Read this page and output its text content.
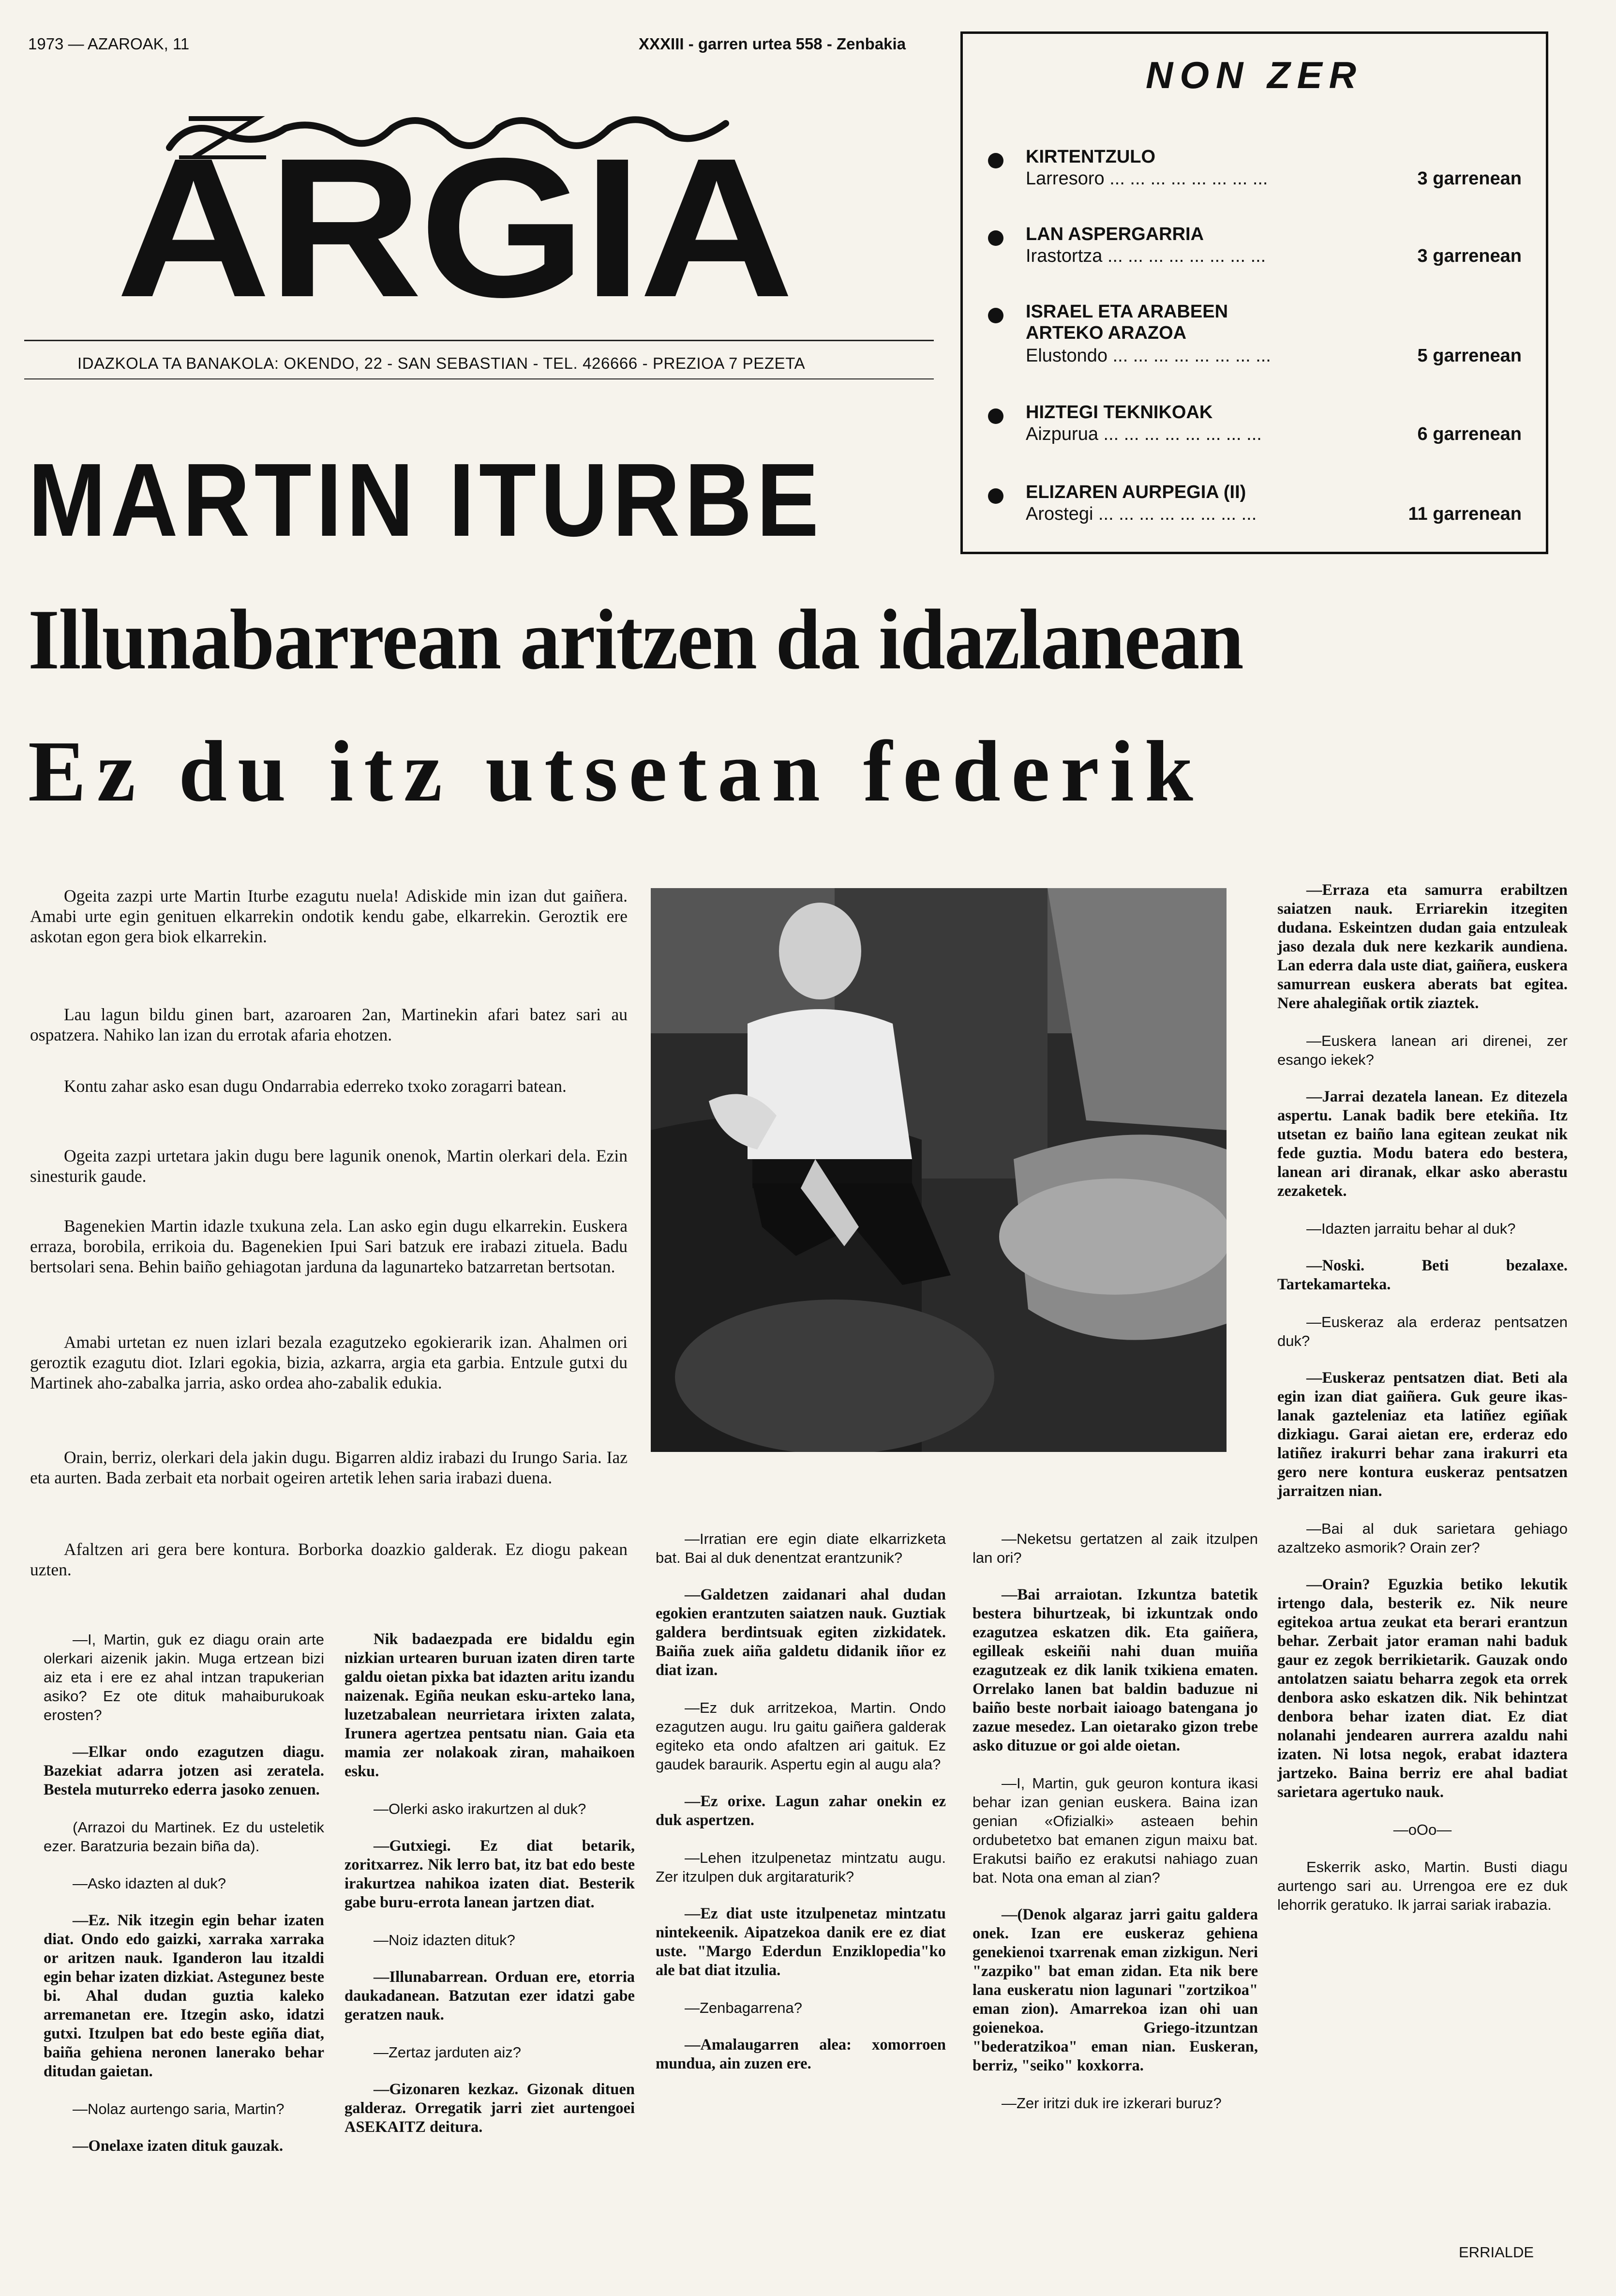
1973 — AZAROAK, 11	XXXIII - garren urtea 558 - Zenbakia
ARGIA
IDAZKOLA TA BANAKOLA: OKENDO, 22 - SAN SEBASTIAN - TEL. 426666 - PREZIOA 7 PEZETA
NON ZER
KIRTENTZULO
Larresoro ... ... ... ... ... ... ... ...	3 garrenean
LAN ASPERGARRIA
Irastortza ... ... ... ... ... ... ... ...	3 garrenean
ISRAEL ETA ARABEEN
ARTEKO ARAZOA
Elustondo ... ... ... ... ... ... ... ...	5 garrenean
HIZTEGI TEKNIKOAK
Aizpurua ... ... ... ... ... ... ... ...	6 garrenean
ELIZAREN AURPEGIA (II)
Arostegi ... ... ... ... ... ... ... ...	11 garrenean
MARTIN ITURBE
Illunabarrean aritzen da idazlanean
Ez du itz utsetan federik

Ogeita zazpi urte Martin Iturbe ezagutu nuela! Adiskide min izan dut gaiñera. Amabi urte egin genituen elkarrekin ondotik kendu gabe, elkarrekin. Geroztik ere askotan egon gera biok elkarrekin.

Lau lagun bildu ginen bart, azaroaren 2an, Martinekin afari batez sari au ospatzera. Nahiko lan izan du errotak afaria ehotzen.

Kontu zahar asko esan dugu Ondarrabia ederreko txoko zoragarri batean.

Ogeita zazpi urtetara jakin dugu bere lagunik onenok, Martin olerkari dela. Ezin sinesturik gaude.

Bagenekien Martin idazle txukuna zela. Lan asko egin dugu elkarrekin. Euskera erraza, borobila, errikoia du. Bagenekien Ipui Sari batzuk ere irabazi zituela. Badu bertsolari sena. Behin baiño gehiagotan jarduna da lagunarteko batzarretan bertsotan.

Amabi urtetan ez nuen izlari bezala ezagutzeko egokierarik izan. Ahalmen ori geroztik ezagutu diot. Izlari egokia, bizia, azkarra, argia eta garbia. Entzule gutxi du Martinek aho-zabalka jarria, asko ordea aho-zabalik edukia.

Orain, berriz, olerkari dela jakin dugu. Bigarren aldiz irabazi du Irungo Saria. Iaz eta aurten. Bada zerbait eta norbait ogeiren artetik lehen saria irabazi duena.

Afaltzen ari gera bere kontura. Borborka doazkio galderak. Ez diogu pakean uzten.

—I, Martin, guk ez diagu orain arte olerkari aizenik jakin. Muga ertzean bizi aiz eta i ere ez ahal intzan trapukerian asiko? Ez ote dituk mahaiburukoak erosten?

—Elkar ondo ezagutzen diagu. Bazekiat adarra jotzen asi zeratela. Bestela muturreko ederra jasoko zenuen.

(Arrazoi du Martinek. Ez du usteletik ezer. Baratzuria bezain biña da).

—Asko idazten al duk?

—Ez. Nik itzegin egin behar izaten diat. Ondo edo gaizki, xarraka xarraka or aritzen nauk. Iganderon lau itzaldi egin behar izaten dizkiat. Astegunez beste bi. Ahal dudan guztia kaleko arremanetan ere. Itzegin asko, idatzi gutxi. Itzulpen bat edo beste egiña diat, baiña gehiena neronen lanerako behar ditudan gaietan.

—Nolaz aurtengo saria, Martin?

—Onelaxe izaten dituk gauzak.

Nik badaezpada ere bidaldu egin nizkian urtearen buruan izaten diren tarte galdu oietan pixka bat idazten aritu izandu naizenak. Egiña neukan esku-arteko lana, luzetzabalean neurrietara irixten zalata, Irunera agertzea pentsatu nian. Gaia eta mamia zer nolakoak ziran, mahaikoen esku.

—Olerki asko irakurtzen al duk?

—Gutxiegi. Ez diat betarik, zoritxarrez. Nik lerro bat, itz bat edo beste irakurtzea nahikoa izaten diat. Besterik gabe buru-errota lanean jartzen diat.

—Noiz idazten dituk?

—Illunabarrean. Orduan ere, etorria daukadanean. Batzutan ezer idatzi gabe geratzen nauk.

—Zertaz jarduten aiz?

—Gizonaren kezkaz. Gizonak dituen galderaz. Orregatik jarri ziet aurtengoei ASEKAITZ deitura.

—Irratian ere egin diate elkarrizketa bat. Bai al duk denentzat erantzunik?

—Galdetzen zaidanari ahal dudan egokien erantzuten saiatzen nauk. Guztiak galdera berdintsuak egiten zizkidatek. Baiña zuek aiña galdetu didanik iñor ez diat izan.

—Ez duk arritzekoa, Martin. Ondo ezagutzen augu. Iru gaitu gaiñera galderak egiteko eta ondo afaltzen ari gaituk. Ez gaudek baraurik. Aspertu egin al augu ala?

—Ez orixe. Lagun zahar onekin ez duk aspertzen.

—Lehen itzulpenetaz mintzatu augu. Zer itzulpen duk argitaraturik?

—Ez diat uste itzulpenetaz mintzatu nintekeenik. Aipatzekoa danik ere ez diat uste. "Margo Ederdun Enziklopedia"ko ale bat diat itzulia.

—Zenbagarrena?

—Amalaugarren alea: xomorroen mundua, ain zuzen ere.

—Neketsu gertatzen al zaik itzulpen lan ori?

—Bai arraiotan. Izkuntza batetik bestera bihurtzeak, bi izkuntzak ondo ezagutzea eskatzen dik. Eta gaiñera, egilleak eskeiñi nahi duan muiña ezagutzeak ez dik lanik txikiena ematen. Orrelako lanen bat baldin baduzue ni baiño beste norbait iaioago batengana jo zazue mesedez. Lan oietarako gizon trebe asko dituzue or goi alde oietan.

—I, Martin, guk geuron kontura ikasi behar izan genian euskera. Baina izan genian «Ofizialki» asteaen behin ordubetetxo bat emanen zigun maixu bat. Erakutsi baiño ez erakutsi nahiago zuan bat. Nota ona eman al zian?

—(Denok algaraz jarri gaitu galdera onek. Izan ere euskeraz gehiena genekienoi txarrenak eman zizkigun. Neri "zazpiko" bat eman zidan. Eta nik bere lana euskeratu nion lagunari "zortzikoa" eman zion). Amarrekoa izan ohi uan goienekoa. Griego-itzuntzan "bederatzikoa" eman nian. Euskeran, berriz, "seiko" koxkorra.

—Zer iritzi duk ire izkerari buruz?

—Erraza eta samurra erabiltzen saiatzen nauk. Erriarekin itzegiten dudana. Eskeintzen dudan gaia entzuleak jaso dezala duk nere kezkarik aundiena. Lan ederra dala uste diat, gaiñera, euskera samurrean euskera aberats bat egitea. Nere ahalegiñak ortik ziaztek.

—Euskera lanean ari direnei, zer esango iekek?

—Jarrai dezatela lanean. Ez ditezela aspertu. Lanak badik bere etekiña. Itz utsetan ez baiño lana egitean zeukat nik fede guztia. Modu batera edo bestera, lanean ari diranak, elkar asko aberastu zezaketek.

—Idazten jarraitu behar al duk?

—Noski. Beti bezalaxe. Tartekamarteka.

—Euskeraz ala erderaz pentsatzen duk?

—Euskeraz pentsatzen diat. Beti ala egin izan diat gaiñera. Guk geure ikas-lanak gazteleniaz eta latiñez egiñak dizkiagu. Garai aietan ere, erderaz edo latiñez irakurri behar zana irakurri eta gero nere kontura euskeraz pentsatzen jarraitzen nian.

—Bai al duk sarietara gehiago azaltzeko asmorik? Orain zer?

—Orain? Eguzkia betiko lekutik irtengo dala, besterik ez. Nik neure egitekoa artua zeukat eta berari erantzun behar. Zerbait jator eraman nahi baduk gaur ez zegok berrikietarik. Gauzak ondo antolatzen saiatu beharra zegok eta orrek denbora asko eskatzen dik. Nik behintzat denbora behar izaten diat. Ez diat nolanahi jendearen aurrera azaldu nahi izaten. Ni lotsa negok, erabat idaztera jartzeko. Baina berriz ere ahal badiat sarietara agertuko nauk.

—oOo—

Eskerrik asko, Martin. Busti diagu aurtengo sari au. Urrengoa ere ez duk lehorrik geratuko. Ik jarrai sariak irabazia.

ERRIALDE
